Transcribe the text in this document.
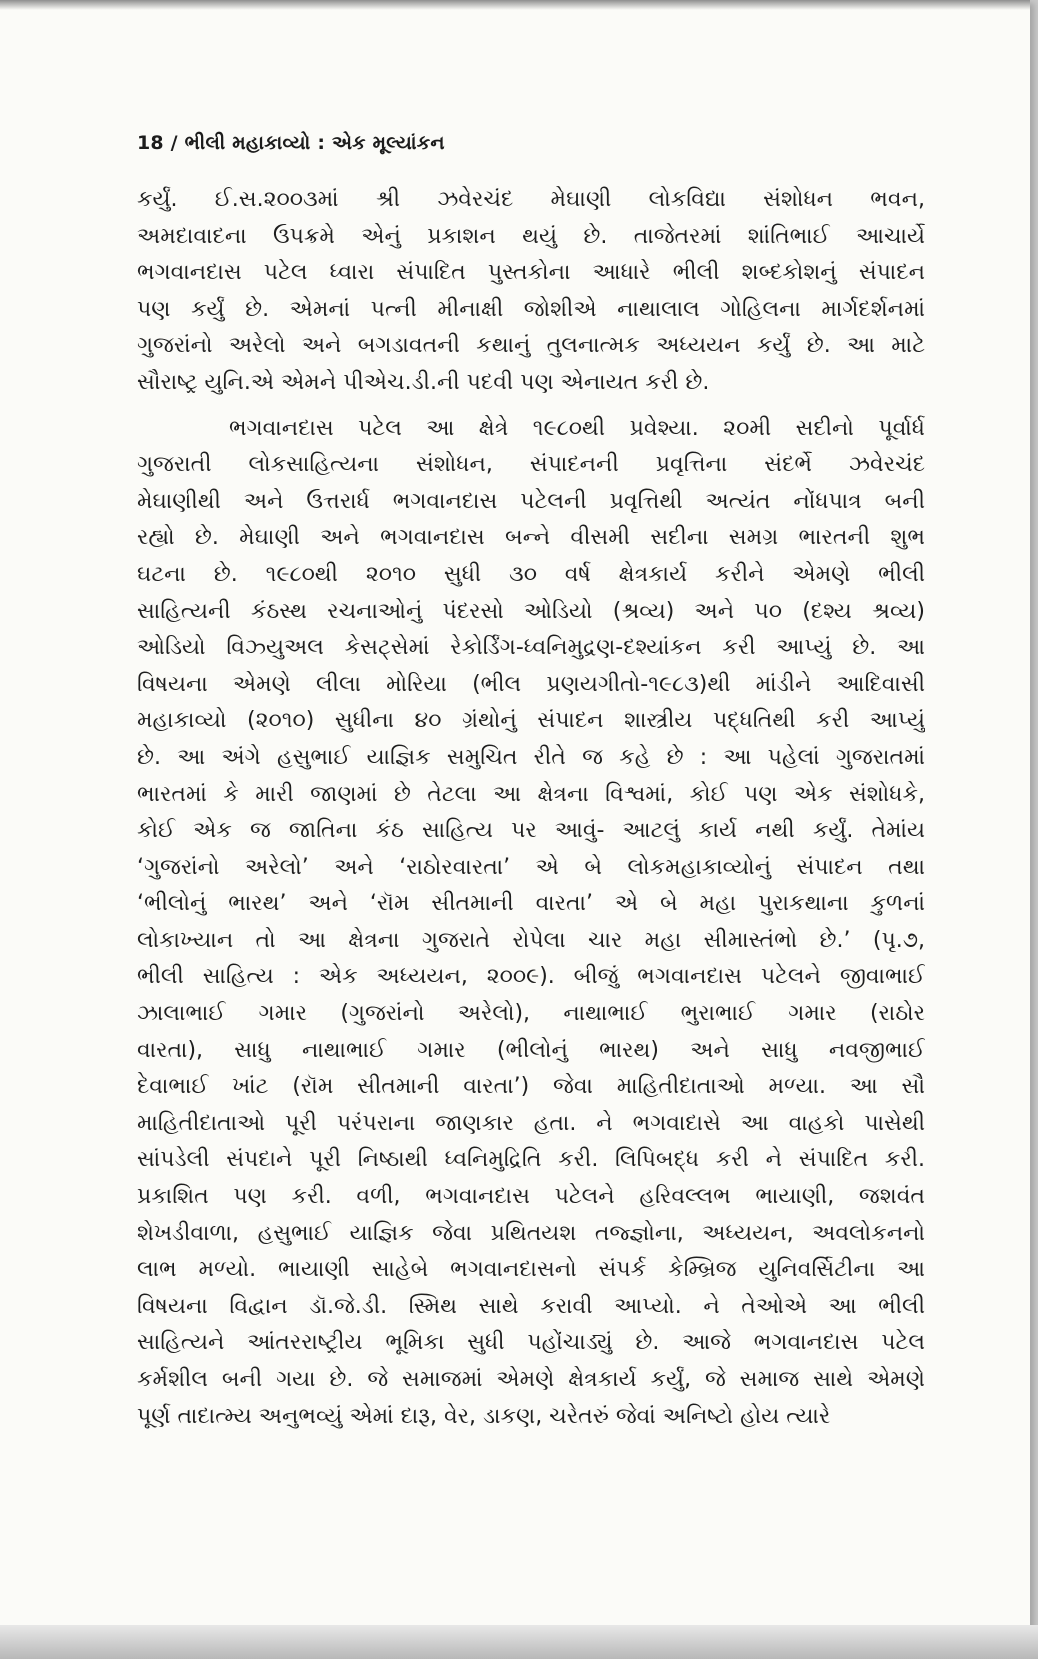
18 / ભીલી મહાકાવ્યો : એક મૂલ્યાંકન
કર્યું. ઈ.સ.૨૦૦૩માં શ્રી ઝવેરચંદ મેઘાણી લોકવિદ્યા સંશોધન ભવન,
અમદાવાદના ઉપક્રમે એનું પ્રકાશન થયું છે. તાજેતરમાં શાંતિભાઈ આચાર્યે
ભગવાનદાસ પટેલ ધ્વારા સંપાદિત પુસ્તકોના આધારે ભીલી શબ્દકોશનું સંપાદન
પણ કર્યું છે. એમનાં પત્ની મીનાક્ષી જોશીએ નાથાલાલ ગોહિલના માર્ગદર્શનમાં
ગુજરાંનો અરેલો અને બગડાવતની કથાનું તુલનાત્મક અધ્યયન કર્યું છે. આ માટે
સૌરાષ્ટ્ર યુનિ.એ એમને પીએચ.ડી.ની પદવી પણ એનાયત કરી છે.
ભગવાનદાસ પટેલ આ ક્ષેત્રે ૧૯૮૦થી પ્રવેશ્યા. ૨૦મી સદીનો પૂર્વાર્ધ
ગુજરાતી લોકસાહિત્યના સંશોધન, સંપાદનની પ્રવૃત્તિના સંદર્ભે ઝવેરચંદ
મેઘાણીથી અને ઉત્તરાર્ધ ભગવાનદાસ પટેલની પ્રવૃત્તિથી અત્યંત નોંધપાત્ર બની
રહ્યો છે. મેઘાણી અને ભગવાનદાસ બન્ને વીસમી સદીના સમગ્ર ભારતની શુભ
ઘટના છે. ૧૯૮૦થી ૨૦૧૦ સુધી ૩૦ વર્ષ ક્ષેત્રકાર્ય કરીને એમણે ભીલી
સાહિત્યની કંઠસ્થ રચનાઓનું પંદરસો ઓડિયો (શ્રવ્ય) અને ૫૦ (દશ્ય શ્રવ્ય)
ઓડિયો વિઝ્યુઅલ કેસટ્સેમાં રેકોર્ડિંગ-ધ્વનિમુદ્રણ-દશ્યાંકન કરી આપ્યું છે. આ
વિષયના એમણે લીલા મોરિયા (ભીલ પ્રણયગીતો-૧૯૮૩)થી માંડીને આદિવાસી
મહાકાવ્યો (૨૦૧૦) સુધીના ૪૦ ગ્રંથોનું સંપાદન શાસ્ત્રીય પદ્ધતિથી કરી આપ્યું
છે. આ અંગે હસુભાઈ યાજ્ઞિક સમુચિત રીતે જ કહે છે : આ પહેલાં ગુજરાતમાં
ભારતમાં કે મારી જાણમાં છે તેટલા આ ક્ષેત્રના વિશ્વમાં, કોઈ પણ એક સંશોધકે,
કોઈ એક જ જાતિના કંઠ સાહિત્ય પર આવું- આટલું કાર્ય નથી કર્યું. તેમાંય
‘ગુજરાંનો અરેલો’ અને ‘રાઠોરવારતા’ એ બે લોકમહાકાવ્યોનું સંપાદન તથા
‘ભીલોનું ભારથ’ અને ‘રૉમ સીતમાની વારતા’ એ બે મહા પુરાકથાના કુળનાં
લોકાખ્યાન તો આ ક્ષેત્રના ગુજરાતે રોપેલા ચાર મહા સીમાસ્તંભો છે.’ (પૃ.૭,
ભીલી સાહિત્ય : એક અધ્યયન, ૨૦૦૯). બીજું ભગવાનદાસ પટેલને જીવાભાઈ
ઝાલાભાઈ ગમાર (ગુજરાંનો અરેલો), નાથાભાઈ ભુરાભાઈ ગમાર (રાઠોર
વારતા), સાધુ નાથાભાઈ ગમાર (ભીલોનું ભારથ) અને સાધુ નવજીભાઈ
દેવાભાઈ ખાંટ (રૉમ સીતમાની વારતા’) જેવા માહિતીદાતાઓ મળ્યા. આ સૌ
માહિતીદાતાઓ પૂરી પરંપરાના જાણકાર હતા. ને ભગવાદાસે આ વાહકો પાસેથી
સાંપડેલી સંપદાને પૂરી નિષ્ઠાથી ધ્વનિમુદ્રિતિ કરી. લિપિબદ્ધ કરી ને સંપાદિત કરી.
પ્રકાશિત પણ કરી. વળી, ભગવાનદાસ પટેલને હરિવલ્લભ ભાયાણી, જશવંત
શેખડીવાળા, હસુભાઈ યાજ્ઞિક જેવા પ્રથિતયશ તજ્જ્ઞોના, અધ્યયન, અવલોકનનો
લાભ મળ્યો. ભાયાણી સાહેબે ભગવાનદાસનો સંપર્ક કેમ્બ્રિજ યુનિવર્સિટીના આ
વિષયના વિદ્વાન ડૉ.જે.ડી. સ્મિથ સાથે કરાવી આપ્યો. ને તેઓએ આ ભીલી
સાહિત્યને આંતરરાષ્ટ્રીય ભૂમિકા સુધી પહોંચાડ્યું છે. આજે ભગવાનદાસ પટેલ
કર્મશીલ બની ગયા છે. જે સમાજમાં એમણે ક્ષેત્રકાર્ય કર્યું, જે સમાજ સાથે એમણે
પૂર્ણ તાદાત્મ્ય અનુભવ્યું એમાં દારૂ, વેર, ડાકણ, ચરેતરું જેવાં અનિષ્ટો હોય ત્યારે
